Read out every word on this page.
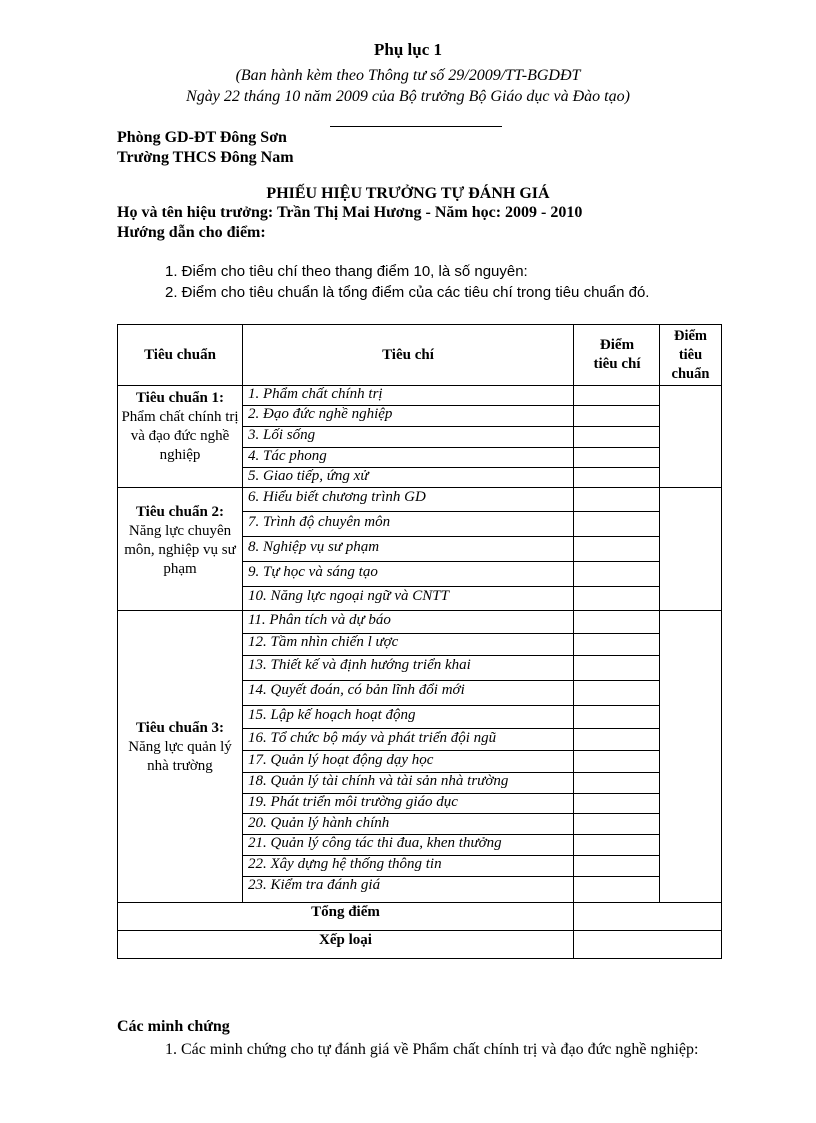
Phụ lục 1
(Ban hành kèm theo Thông tư số 29/2009/TT-BGDĐT
Ngày 22 tháng 10 năm 2009 của Bộ trưởng Bộ Giáo dục và Đào tạo)
Phòng GD-ĐT Đông Sơn
Trường THCS Đông Nam
PHIẾU HIỆU TRƯỞNG TỰ ĐÁNH GIÁ
Họ và tên hiệu trưởng: Trần Thị Mai Hương - Năm học: 2009 - 2010
Hướng dẫn cho điểm:
1. Điểm cho tiêu chí theo thang điểm 10, là số nguyên:
2. Điểm cho tiêu chuẩn là tổng điểm của các tiêu chí trong tiêu chuẩn đó.
Tiêu chuẩn	Tiêu chí
Điểm tiêu chí
Điểm tiêu chuẩn
Tiêu chuẩn 1:
Phẩm chất chính trị và đạo đức nghề nghiệp
Tiêu chuẩn 2:
Năng lực chuyên môn, nghiệp vụ sư phạm
Tiêu chuẩn 3:
Năng lực quản lý nhà trường
1. Phẩm chất chính trị
2. Đạo đức nghề nghiệp
3. Lối sống
4. Tác phong
5. Giao tiếp, ứng xử
6. Hiểu biết chương trình GD
7. Trình độ chuyên môn
8. Nghiệp vụ sư phạm
9. Tự học và sáng tạo
10. Năng lực ngoại ngữ và CNTT
11. Phân tích và dự báo
12. Tầm nhìn chiến l ược
13. Thiết kế và định hướng triển khai
14. Quyết đoán, có bản lĩnh đổi mới
15. Lập kế hoạch hoạt động
16. Tổ chức bộ máy và phát triển đội ngũ
17. Quản lý hoạt động dạy học
18. Quản lý tài chính và tài sản nhà trường
19. Phát triển môi trường giáo dục
20. Quản lý hành chính
21. Quản lý công tác thi đua, khen thưởng
22. Xây dựng hệ thống thông tin
23. Kiểm tra đánh giá
Tổng điểm
Xếp loại
Các minh chứng
1. Các minh chứng cho tự đánh giá về Phẩm chất chính trị và đạo đức nghề nghiệp:
